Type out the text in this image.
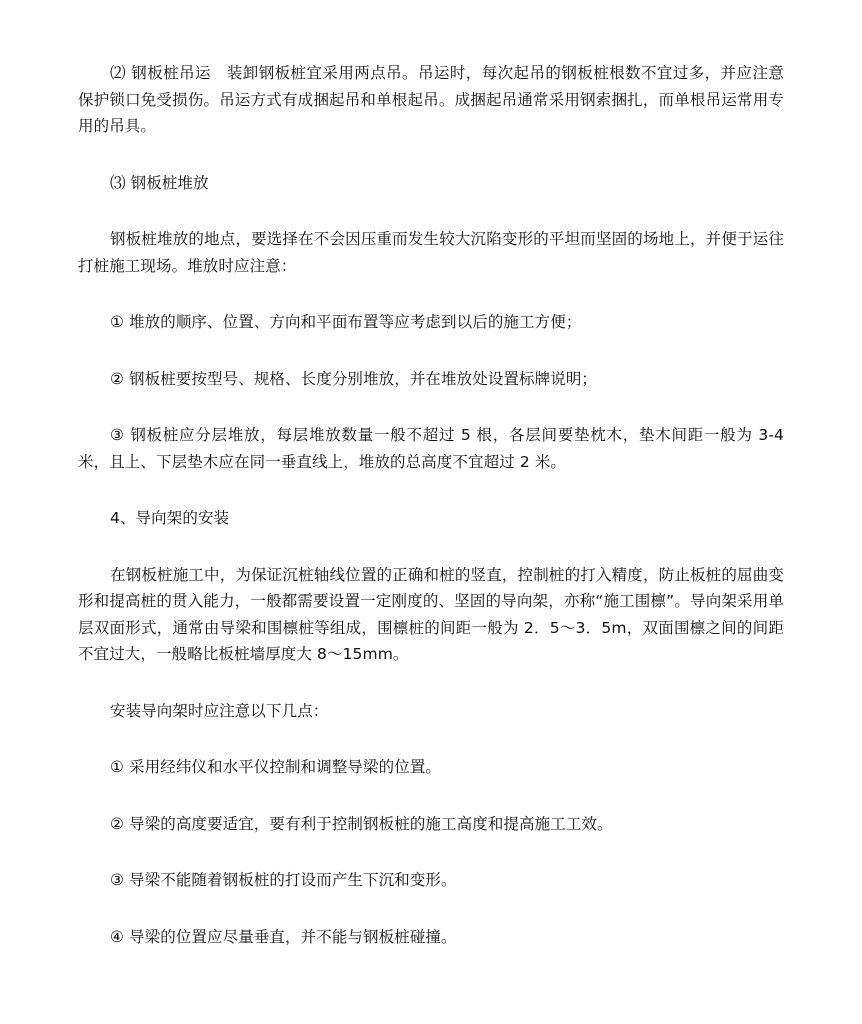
⑵ 钢板桩吊运　装卸钢板桩宜采用两点吊。吊运时，每次起吊的钢板桩根数不宜过多，并应注意保护锁口免受损伤。吊运方式有成捆起吊和单根起吊。成捆起吊通常采用钢索捆扎，而单根吊运常用专用的吊具。

⑶ 钢板桩堆放

钢板桩堆放的地点，要选择在不会因压重而发生较大沉陷变形的平坦而坚固的场地上，并便于运往打桩施工现场。堆放时应注意：

① 堆放的顺序、位置、方向和平面布置等应考虑到以后的施工方便；

② 钢板桩要按型号、规格、长度分别堆放，并在堆放处设置标牌说明；

③ 钢板桩应分层堆放，每层堆放数量一般不超过 5 根，各层间要垫枕木，垫木间距一般为 3-4 米，且上、下层垫木应在同一垂直线上，堆放的总高度不宜超过 2 米。

4、导向架的安装

在钢板桩施工中，为保证沉桩轴线位置的正确和桩的竖直，控制桩的打入精度，防止板桩的屈曲变形和提高桩的贯入能力，一般都需要设置一定刚度的、坚固的导向架，亦称“施工围檩”。导向架采用单层双面形式，通常由导梁和围檩桩等组成，围檩桩的间距一般为 2．5～3．5m，双面围檩之间的间距不宜过大，一般略比板桩墙厚度大 8～15mm。

安装导向架时应注意以下几点：

① 采用经纬仪和水平仪控制和调整导梁的位置。

② 导梁的高度要适宜，要有利于控制钢板桩的施工高度和提高施工工效。

③ 导梁不能随着钢板桩的打设而产生下沉和变形。

④ 导梁的位置应尽量垂直，并不能与钢板桩碰撞。
